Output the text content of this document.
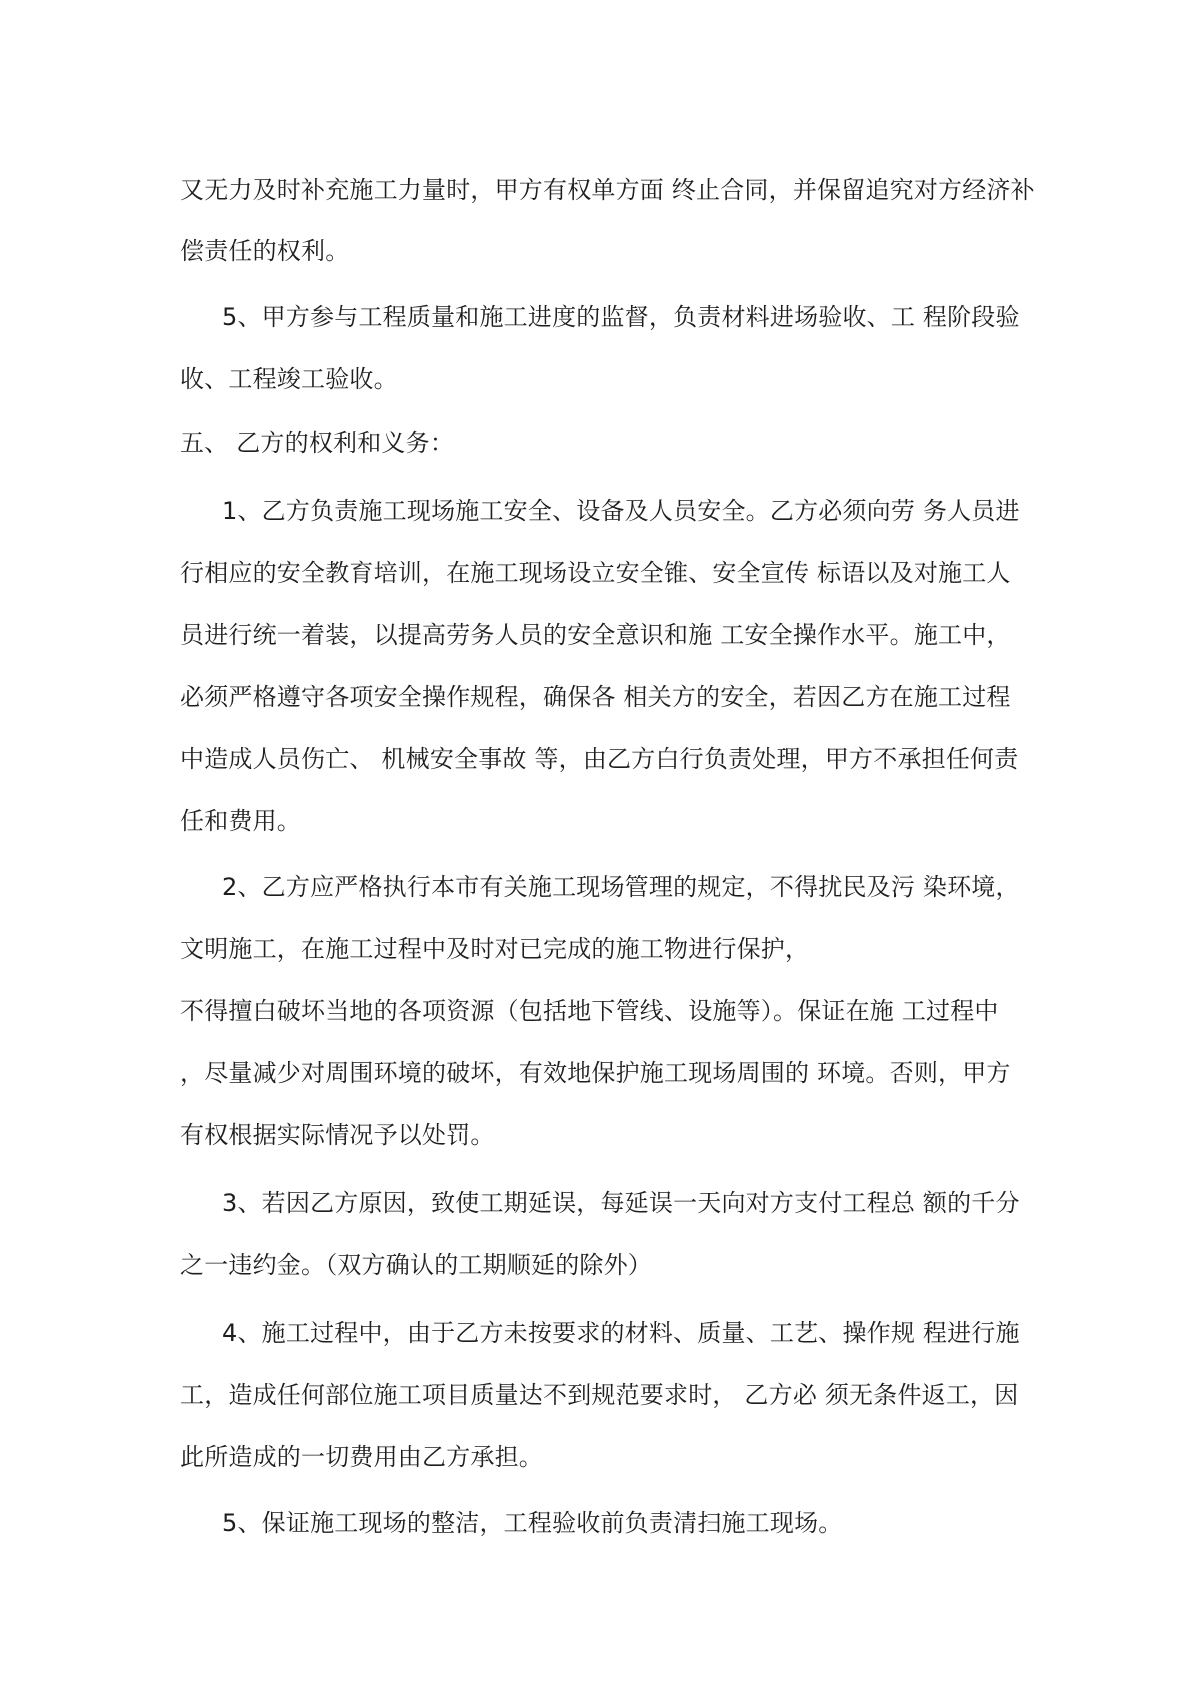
又无力及时补充施工力量时，甲方有权单方面 终止合同，并保留追究对方经济补
偿责任的权利。
5、甲方参与工程质量和施工进度的监督，负责材料进场验收、工 程阶段验
收、工程竣工验收。
五、 乙方的权利和义务：
1、乙方负责施工现场施工安全、设备及人员安全。乙方必须向劳 务人员进
行相应的安全教育培训，在施工现场设立安全锥、安全宣传 标语以及对施工人
员进行统一着装，以提高劳务人员的安全意识和施 工安全操作水平。施工中，
必须严格遵守各项安全操作规程，确保各 相关方的安全，若因乙方在施工过程
中造成人员伤亡、 机械安全事故 等，由乙方白行负责处理，甲方不承担任何责
任和费用。
2、乙方应严格执行本市有关施工现场管理的规定，不得扰民及污 染环境，
文明施工，在施工过程中及时对已完成的施工物进行保护，
不得擅白破坏当地的各项资源（包括地下管线、设施等）。保证在施 工过程中
，尽量减少对周围环境的破坏，有效地保护施工现场周围的 环境。否则，甲方
有权根据实际情况予以处罚。
3、若因乙方原因，致使工期延误，每延误一天向对方支付工程总 额的千分
之一违约金。（双方确认的工期顺延的除外）
4、施工过程中，由于乙方未按要求的材料、质量、工艺、操作规 程进行施
工，造成任何部位施工项目质量达不到规范要求时， 乙方必 须无条件返工，因
此所造成的一切费用由乙方承担。
5、保证施工现场的整洁，工程验收前负责清扫施工现场。
